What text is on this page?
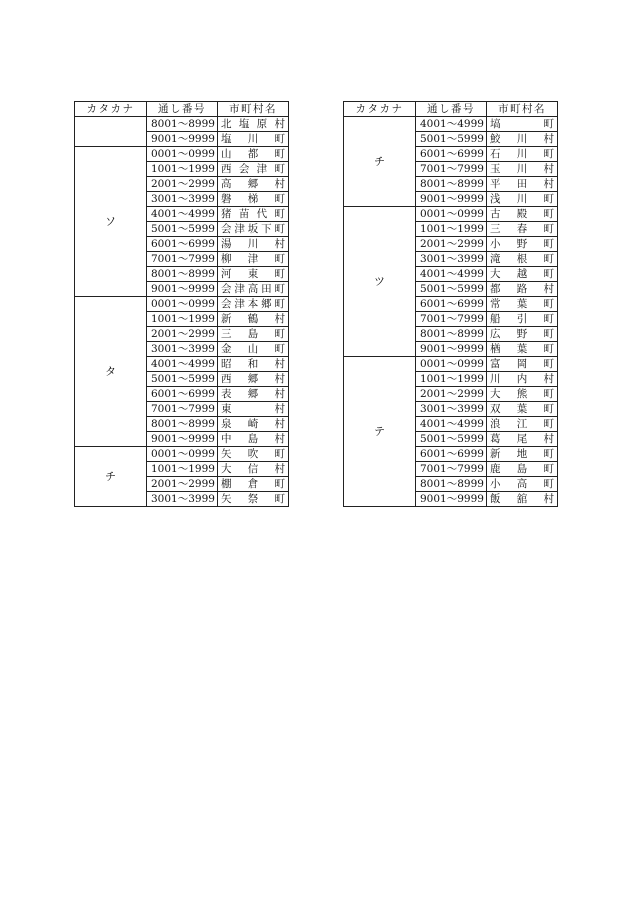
カタカナ	通し番号	市町村名
	8001～8999	北塩原村
	9001～9999	塩　川　町
ソ	0001～0999	山　都　町
	1001～1999	西会津町
	2001～2999	高　郷　村
	3001～3999	磐　梯　町
	4001～4999	猪苗代町
	5001～5999	会津坂下町
	6001～6999	湯　川　村
	7001～7999	柳　津　町
	8001～8999	河　東　町
	9001～9999	会津高田町
タ	0001～0999	会津本郷町
	1001～1999	新　鶴　村
	2001～2999	三　島　町
	3001～3999	金　山　町
	4001～4999	昭　和　村
	5001～5999	西　郷　村
	6001～6999	表　郷　村
	7001～7999	東　　　村
	8001～8999	泉　崎　村
	9001～9999	中　島　村
チ	0001～0999	矢　吹　町
	1001～1999	大　信　村
	2001～2999	棚　倉　町
	3001～3999	矢　祭　町
カタカナ	通し番号	市町村名
チ	4001～4999	塙　　　町
	5001～5999	鮫　川　村
	6001～6999	石　川　町
	7001～7999	玉　川　村
	8001～8999	平　田　村
	9001～9999	浅　川　町
ツ	0001～0999	古　殿　町
	1001～1999	三　春　町
	2001～2999	小　野　町
	3001～3999	滝　根　町
	4001～4999	大　越　町
	5001～5999	都　路　村
	6001～6999	常　葉　町
	7001～7999	船　引　町
	8001～8999	広　野　町
	9001～9999	楢　葉　町
テ	0001～0999	富　岡　町
	1001～1999	川　内　村
	2001～2999	大　熊　町
	3001～3999	双　葉　町
	4001～4999	浪　江　町
	5001～5999	葛　尾　村
	6001～6999	新　地　町
	7001～7999	鹿　島　町
	8001～8999	小　高　町
	9001～9999	飯　舘　村
